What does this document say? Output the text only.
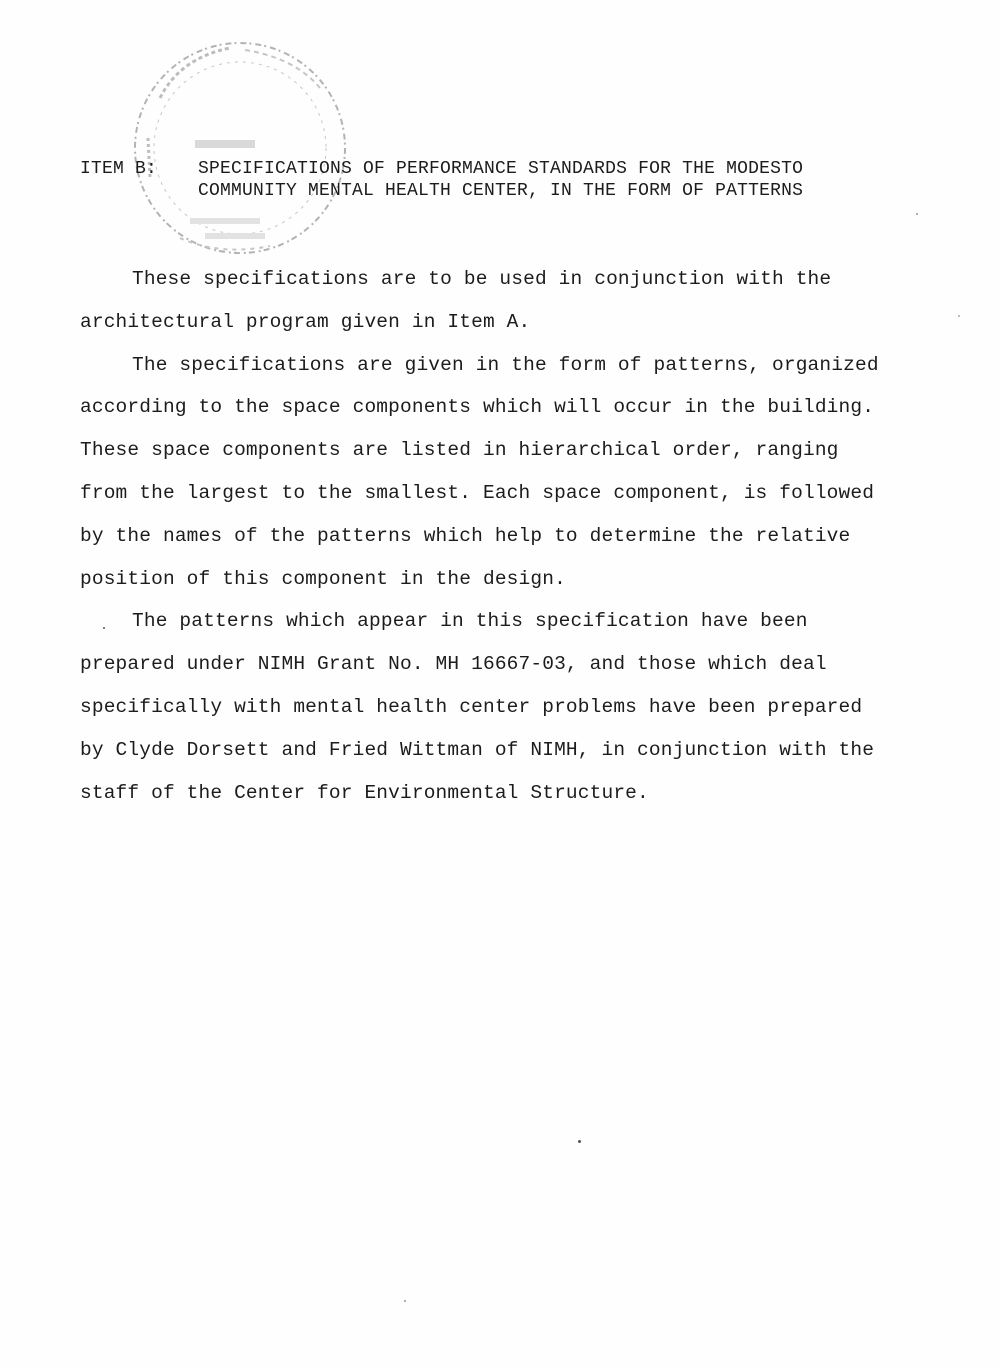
ITEM B: SPECIFICATIONS OF PERFORMANCE STANDARDS FOR THE MODESTO
COMMUNITY MENTAL HEALTH CENTER, IN THE FORM OF PATTERNS
These specifications are to be used in conjunction with the
architectural program given in Item A.
The specifications are given in the form of patterns, organized
according to the space components which will occur in the building.
These space components are listed in hierarchical order, ranging
from the largest to the smallest. Each space component, is followed
by the names of the patterns which help to determine the relative
position of this component in the design.
The patterns which appear in this specification have been
prepared under NIMH Grant No. MH 16667-03, and those which deal
specifically with mental health center problems have been prepared
by Clyde Dorsett and Fried Wittman of NIMH, in conjunction with the
staff of the Center for Environmental Structure.
